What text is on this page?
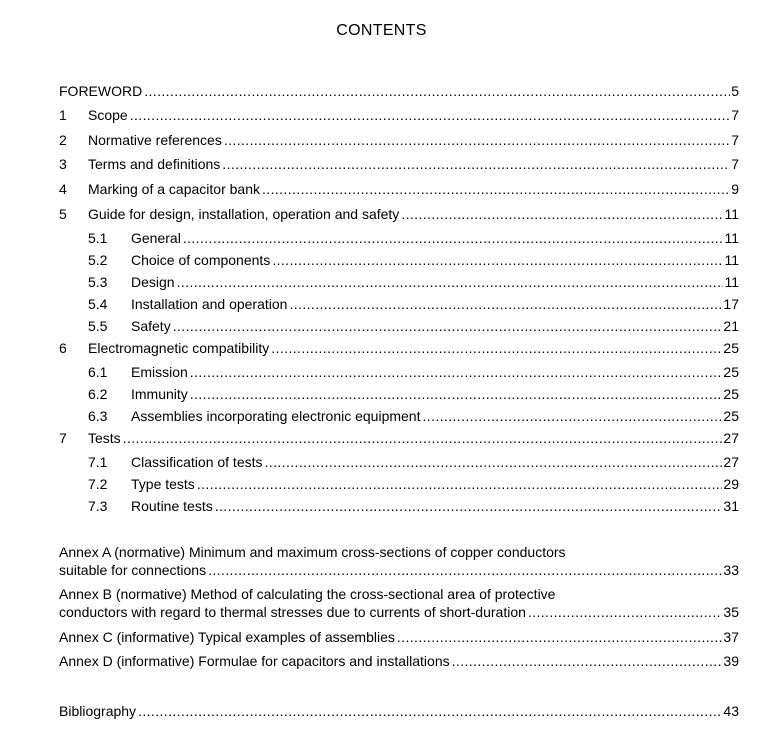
CONTENTS
FOREWORD .....	5
1	Scope .....	7
2	Normative references .....	7
3	Terms and definitions .....	7
4	Marking of a capacitor bank .....	9
5	Guide for design, installation, operation and safety .....	11
5.1	General .....	11
5.2	Choice of components .....	11
5.3	Design .....	11
5.4	Installation and operation .....	17
5.5	Safety .....	21
6	Electromagnetic compatibility .....	25
6.1	Emission .....	25
6.2	Immunity .....	25
6.3	Assemblies incorporating electronic equipment .....	25
7	Tests .....	27
7.1	Classification of tests .....	27
7.2	Type tests .....	29
7.3	Routine tests .....	31
Annex A (normative) Minimum and maximum cross-sections of copper conductors
suitable for connections .....	33
Annex B (normative) Method of calculating the cross-sectional area of protective
conductors with regard to thermal stresses due to currents of short-duration .....	35
Annex C (informative) Typical examples of assemblies .....	37
Annex D (informative) Formulae for capacitors and installations .....	39
Bibliography .....	43
